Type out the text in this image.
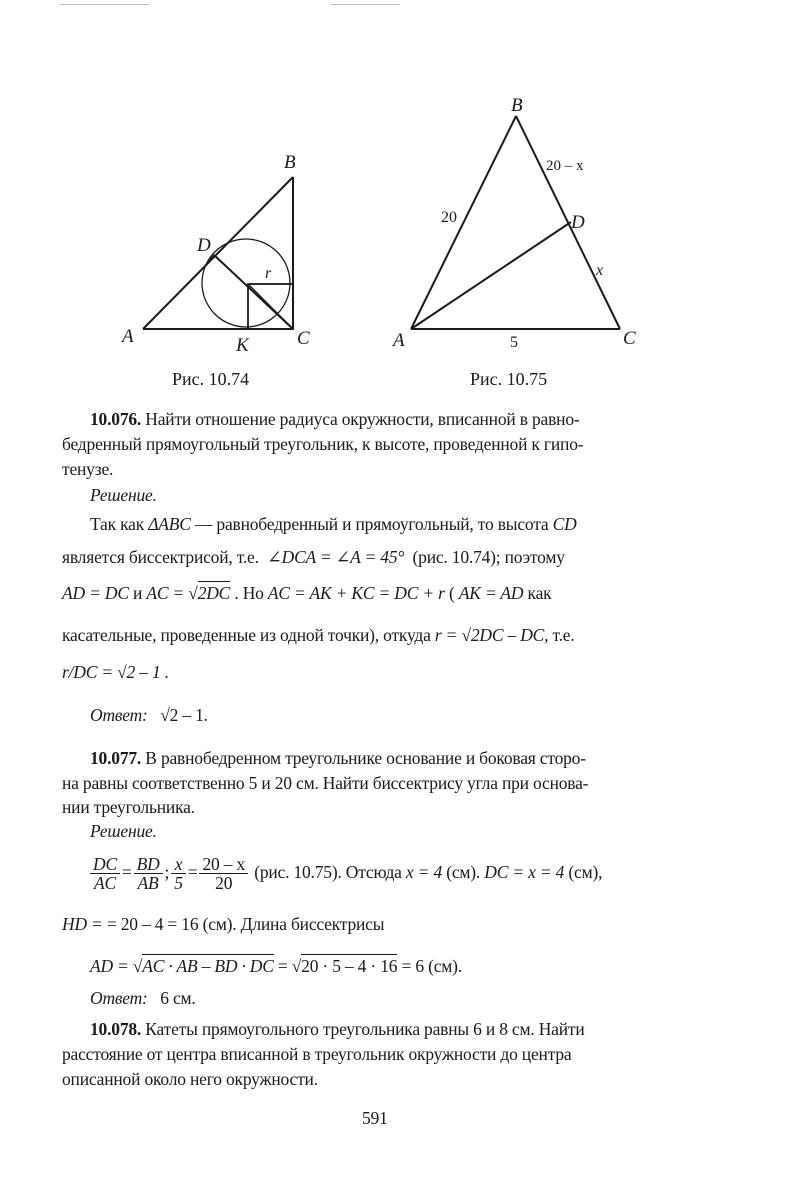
A
B
C
D
K
r
Рис. 10.74
B
A	C
D
20
20 – x
x
5
Рис. 10.75
10.076. Найти отношение радиуса окружности, вписанной в равно-
бедренный прямоугольный треугольник, к высоте, проведенной к гипо-
тенузе.
Решение.
Так как ΔABC — равнобедренный и прямоугольный, то высота CD
является биссектрисой, т.е. ∠DCA = ∠A = 45° (рис. 10.74); поэтому
AD = DC и AC = √2DC . Но AC = AK + KC = DC + r ( AK = AD как
касательные, проведенные из одной точки), откуда r = √2DC – DC, т.е.
r/DC = √2 – 1 .
Ответ: √2 – 1.
10.077. В равнобедренном треугольнике основание и боковая сторо-
на равны соответственно 5 и 20 см. Найти биссектрису угла при основа-
нии треугольника.
Решение.
$\frac{DC}{AC} = \frac{BD}{AB}$ ; $\frac{x}{5} = \frac{20 - x}{20} (рис$. 10.75). Отсюда x = 4 (см). DC = x = 4 (см),
HD = = 20 – 4 = 16 (см). Длина биссектрисы
AD = √AC · AB – BD · DC = √20 · 5 – 4 · 16 = 6 (см).
Ответ: 6 см.
10.078. Катеты прямоугольного треугольника равны 6 и 8 см. Найти
расстояние от центра вписанной в треугольник окружности до центра
описанной около него окружности.
591
